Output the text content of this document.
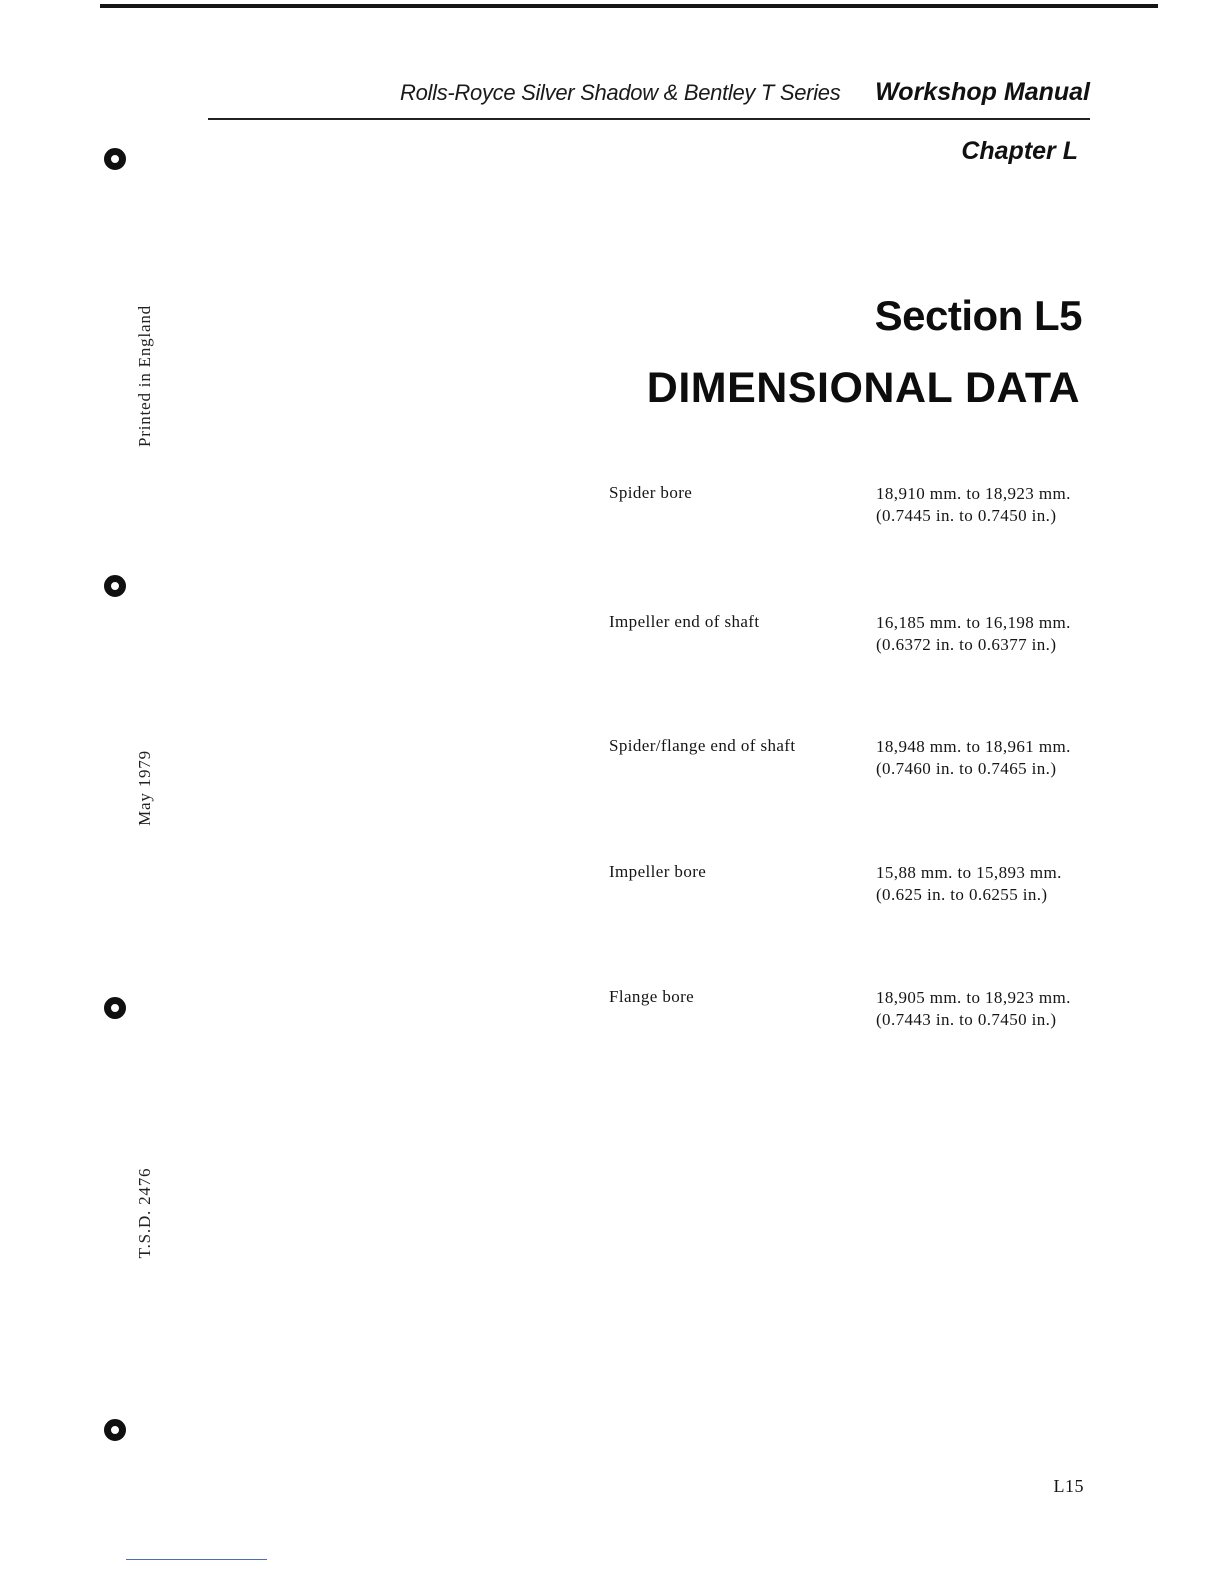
Rolls-Royce Silver Shadow & Bentley T Series Workshop Manual
Chapter L
Section L5
DIMENSIONAL DATA
Printed in England
May 1979
T.S.D. 2476
Spider bore	18,910 mm. to 18,923 mm.
(0.7445 in. to 0.7450 in.)
Impeller end of shaft	16,185 mm. to 16,198 mm.
(0.6372 in. to 0.6377 in.)
Spider/flange end of shaft	18,948 mm. to 18,961 mm.
(0.7460 in. to 0.7465 in.)
Impeller bore	15,88 mm. to 15,893 mm.
(0.625 in. to 0.6255 in.)
Flange bore	18,905 mm. to 18,923 mm.
(0.7443 in. to 0.7450 in.)
L15
